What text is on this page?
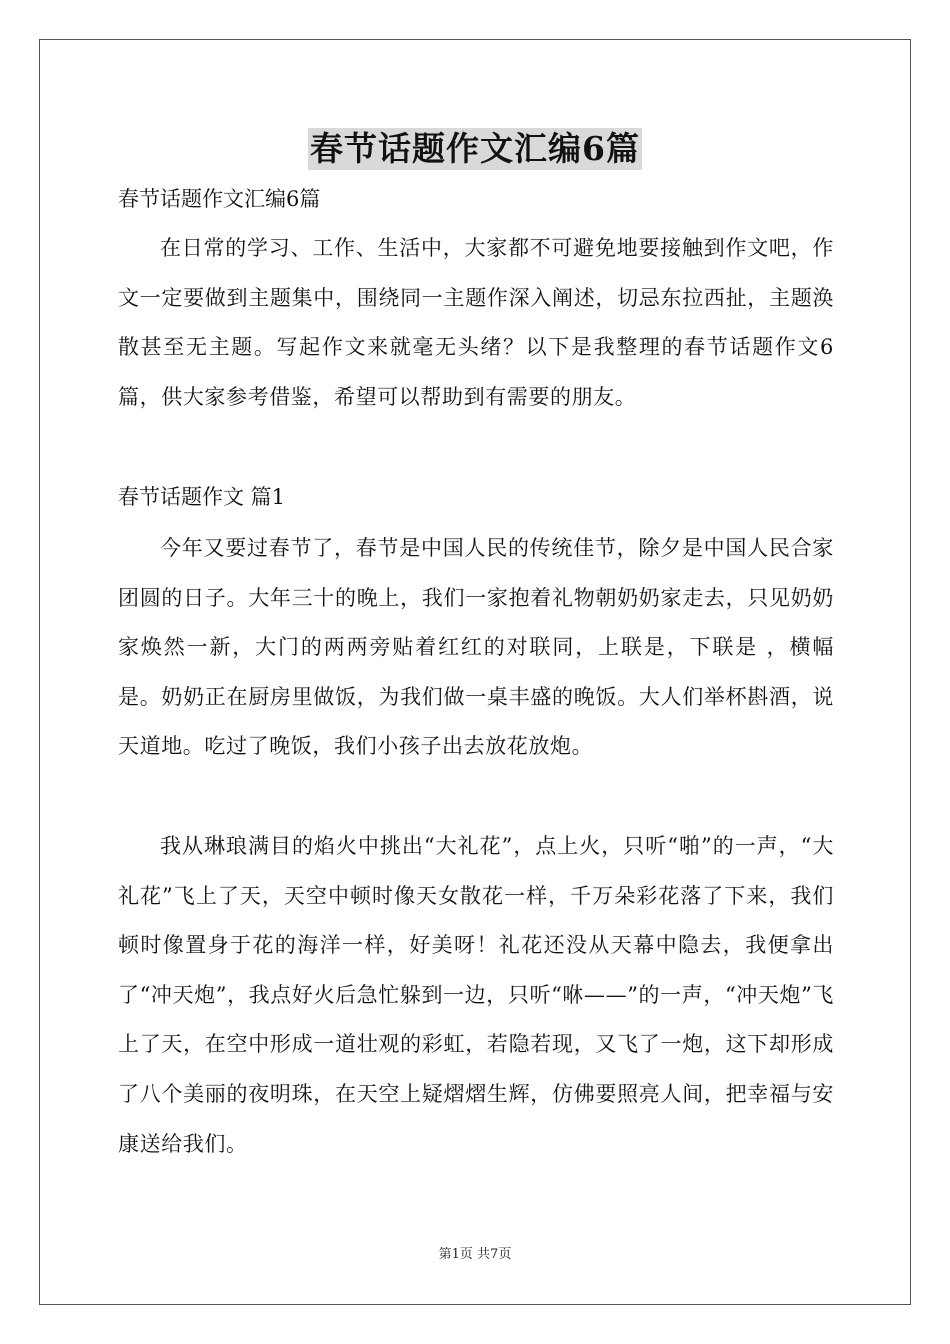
春节话题作文汇编6篇
春节话题作文汇编6篇

在日常的学习、工作、生活中，大家都不可避免地要接触到作文吧，作文一定要做到主题集中，围绕同一主题作深入阐述，切忌东拉西扯，主题涣散甚至无主题。写起作文来就毫无头绪？以下是我整理的春节话题作文6篇，供大家参考借鉴，希望可以帮助到有需要的朋友。

春节话题作文 篇1

今年又要过春节了，春节是中国人民的传统佳节，除夕是中国人民合家团圆的日子。大年三十的晚上，我们一家抱着礼物朝奶奶家走去，只见奶奶家焕然一新，大门的两两旁贴着红红的对联同，上联是，下联是 ，横幅是。奶奶正在厨房里做饭，为我们做一桌丰盛的晚饭。大人们举杯斟酒，说天道地。吃过了晚饭，我们小孩子出去放花放炮。

我从琳琅满目的焰火中挑出“大礼花”，点上火，只听“啪”的一声，“大礼花”飞上了天，天空中顿时像天女散花一样，千万朵彩花落了下来，我们顿时像置身于花的海洋一样，好美呀！礼花还没从天幕中隐去，我便拿出了“冲天炮”，我点好火后急忙躲到一边，只听“咻——”的一声，“冲天炮”飞上了天，在空中形成一道壮观的彩虹，若隐若现，又飞了一炮，这下却形成了八个美丽的夜明珠，在天空上疑熠熠生辉，仿佛要照亮人间，把幸福与安康送给我们。

第1页 共7页
